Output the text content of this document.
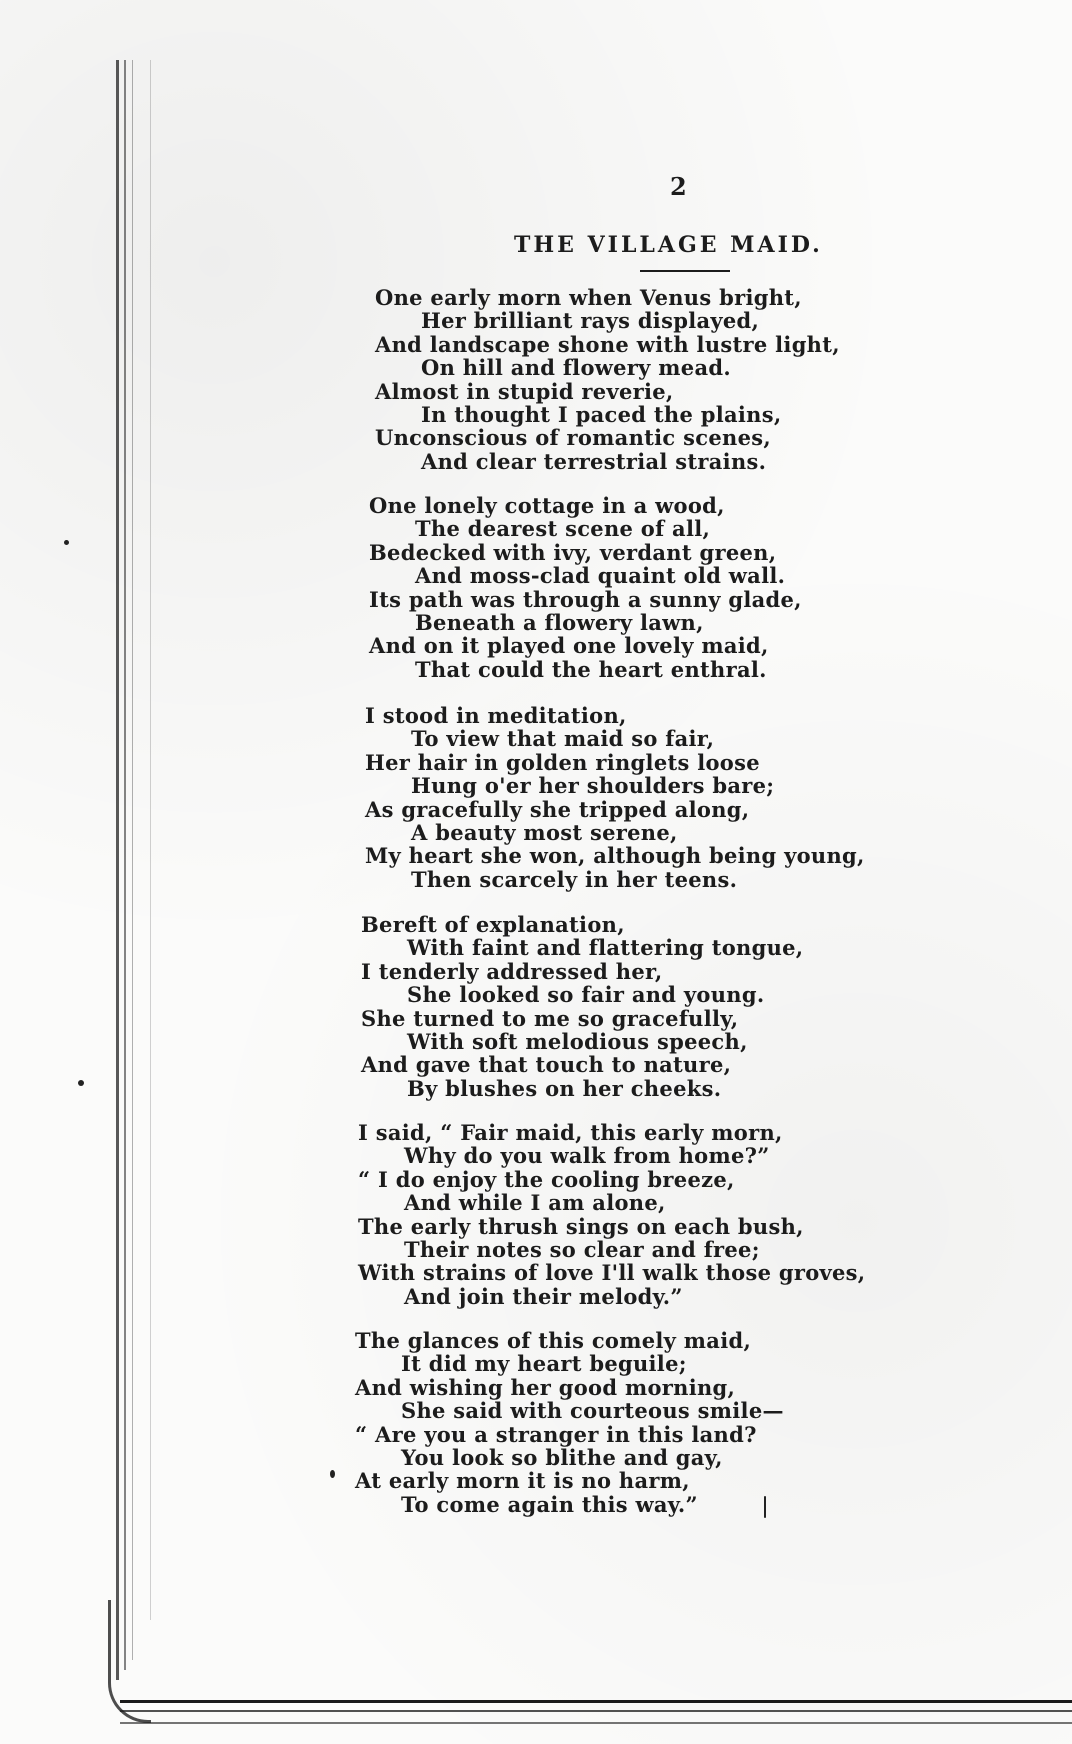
2
THE VILLAGE MAID.
One early morn when Venus bright,
Her brilliant rays displayed,
And landscape shone with lustre light,
On hill and flowery mead.
Almost in stupid reverie,
In thought I paced the plains,
Unconscious of romantic scenes,
And clear terrestrial strains.
One lonely cottage in a wood,
The dearest scene of all,
Bedecked with ivy, verdant green,
And moss-clad quaint old wall.
Its path was through a sunny glade,
Beneath a flowery lawn,
And on it played one lovely maid,
That could the heart enthral.
I stood in meditation,
To view that maid so fair,
Her hair in golden ringlets loose
Hung o'er her shoulders bare;
As gracefully she tripped along,
A beauty most serene,
My heart she won, although being young,
Then scarcely in her teens.
Bereft of explanation,
With faint and flattering tongue,
I tenderly addressed her,
She looked so fair and young.
She turned to me so gracefully,
With soft melodious speech,
And gave that touch to nature,
By blushes on her cheeks.
I said, “ Fair maid, this early morn,
Why do you walk from home?”
“ I do enjoy the cooling breeze,
And while I am alone,
The early thrush sings on each bush,
Their notes so clear and free;
With strains of love I'll walk those groves,
And join their melody.”
The glances of this comely maid,
It did my heart beguile;
And wishing her good morning,
She said with courteous smile—
“ Are you a stranger in this land?
You look so blithe and gay,
At early morn it is no harm,
To come again this way.”
